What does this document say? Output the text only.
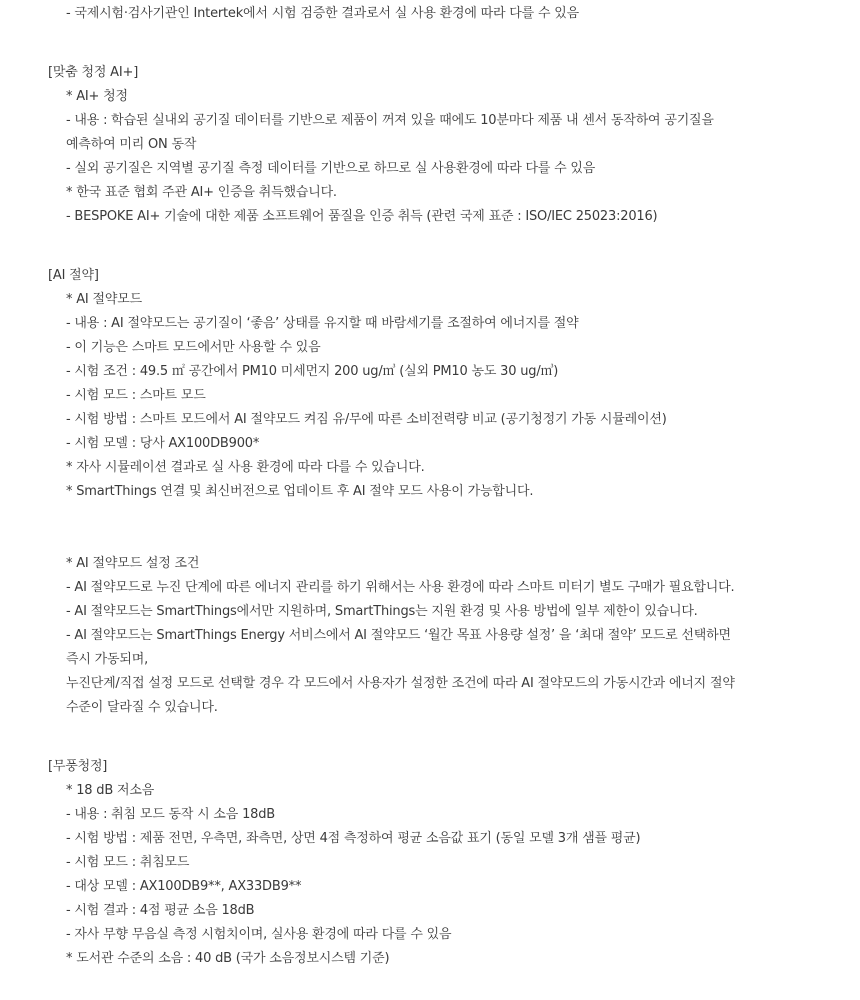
- 국제시험·검사기관인 Intertek에서 시험 검증한 결과로서 실 사용 환경에 따라 다를 수 있음
[맞춤 청정 AI+]
* AI+ 청정
- 내용 : 학습된 실내외 공기질 데이터를 기반으로 제품이 꺼져 있을 때에도 10분마다 제품 내 센서 동작하여 공기질을
예측하여 미리 ON 동작
- 실외 공기질은 지역별 공기질 측정 데이터를 기반으로 하므로 실 사용환경에 따라 다를 수 있음
* 한국 표준 협회 주관 AI+ 인증을 취득했습니다.
- BESPOKE AI+ 기술에 대한 제품 소프트웨어 품질을 인증 취득 (관련 국제 표준 : ISO/IEC 25023:2016)
[AI 절약]
* AI 절약모드
- 내용 : AI 절약모드는 공기질이 ‘좋음’ 상태를 유지할 때 바람세기를 조절하여 에너지를 절약
- 이 기능은 스마트 모드에서만 사용할 수 있음
- 시험 조건 : 49.5 ㎡ 공간에서 PM10 미세먼지 200 ug/㎥ (실외 PM10 농도 30 ug/㎥)
- 시험 모드 : 스마트 모드
- 시험 방법 : 스마트 모드에서 AI 절약모드 켜짐 유/무에 따른 소비전력량 비교 (공기청정기 가동 시뮬레이션)
- 시험 모델 : 당사 AX100DB900*
* 자사 시뮬레이션 결과로 실 사용 환경에 따라 다를 수 있습니다.
* SmartThings 연결 및 최신버전으로 업데이트 후 AI 절약 모드 사용이 가능합니다.
* AI 절약모드 설정 조건
- AI 절약모드로 누진 단계에 따른 에너지 관리를 하기 위해서는 사용 환경에 따라 스마트 미터기 별도 구매가 필요합니다.
- AI 절약모드는 SmartThings에서만 지원하며, SmartThings는 지원 환경 및 사용 방법에 일부 제한이 있습니다.
- AI 절약모드는 SmartThings Energy 서비스에서 AI 절약모드 ‘월간 목표 사용량 설정’ 을 ‘최대 절약’ 모드로 선택하면
즉시 가동되며,
누진단계/직접 설정 모드로 선택할 경우 각 모드에서 사용자가 설정한 조건에 따라 AI 절약모드의 가동시간과 에너지 절약
수준이 달라질 수 있습니다.
[무풍청정]
* 18 dB 저소음
- 내용 : 취침 모드 동작 시 소음 18dB
- 시험 방법 : 제품 전면, 우측면, 좌측면, 상면 4점 측정하여 평균 소음값 표기 (동일 모델 3개 샘플 평균)
- 시험 모드 : 취침모드
- 대상 모델 : AX100DB9**, AX33DB9**
- 시험 결과 : 4점 평균 소음 18dB
- 자사 무향 무음실 측정 시험치이며, 실사용 환경에 따라 다를 수 있음
* 도서관 수준의 소음 : 40 dB (국가 소음정보시스템 기준)
